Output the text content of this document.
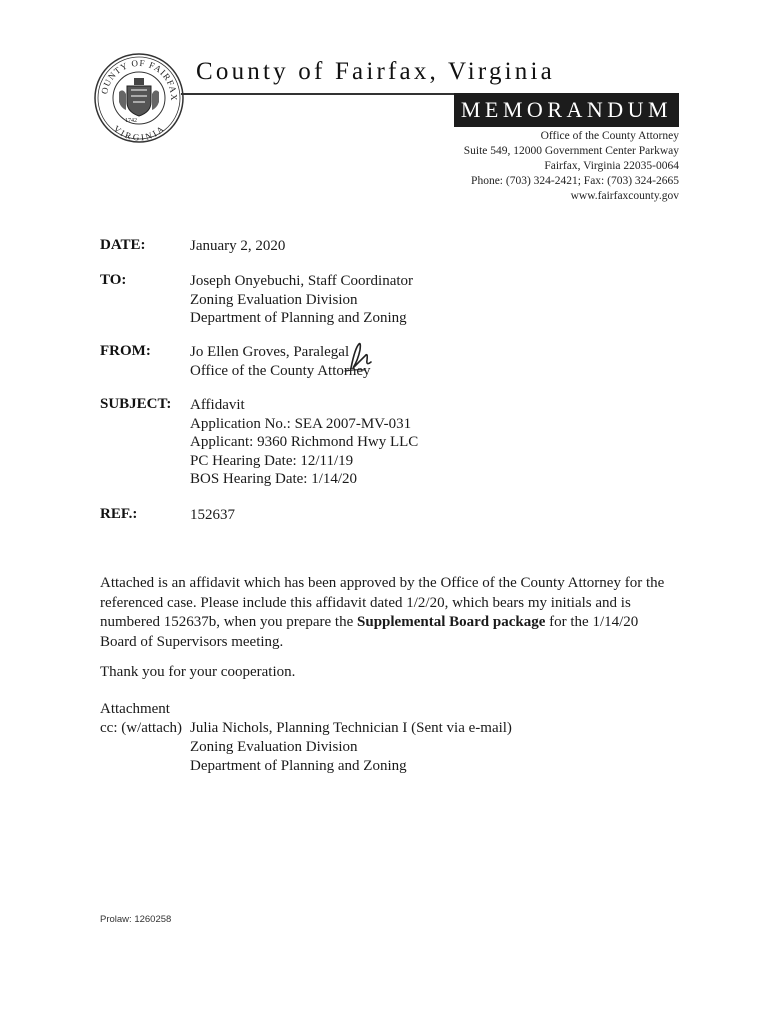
OUNTY OF FAIRFAX
VIRGINIA
1742
County of Fairfax, Virginia
MEMORANDUM
Office of the County Attorney
Suite 549, 12000 Government Center Parkway
Fairfax, Virginia 22035-0064
Phone: (703) 324-2421; Fax: (703) 324-2665
www.fairfaxcounty.gov
DATE:	January 2, 2020
TO:	Joseph Onyebuchi, Staff Coordinator
Zoning Evaluation Division
Department of Planning and Zoning
FROM:	Jo Ellen Groves, Paralegal
Office of the County Attorney
SUBJECT: Affidavit
Application No.: SEA 2007-MV-031
Applicant: 9360 Richmond Hwy LLC
PC Hearing Date: 12/11/19
BOS Hearing Date: 1/14/20
REF.:	152637
Attached is an affidavit which has been approved by the Office of the County Attorney for the
referenced case. Please include this affidavit dated 1/2/20, which bears my initials and is
numbered 152637b, when you prepare the Supplemental Board package for the 1/14/20
Board of Supervisors meeting.
Thank you for your cooperation.
Attachment
cc: (w/attach) Julia Nichols, Planning Technician I (Sent via e-mail)
Zoning Evaluation Division
Department of Planning and Zoning
Prolaw: 1260258
